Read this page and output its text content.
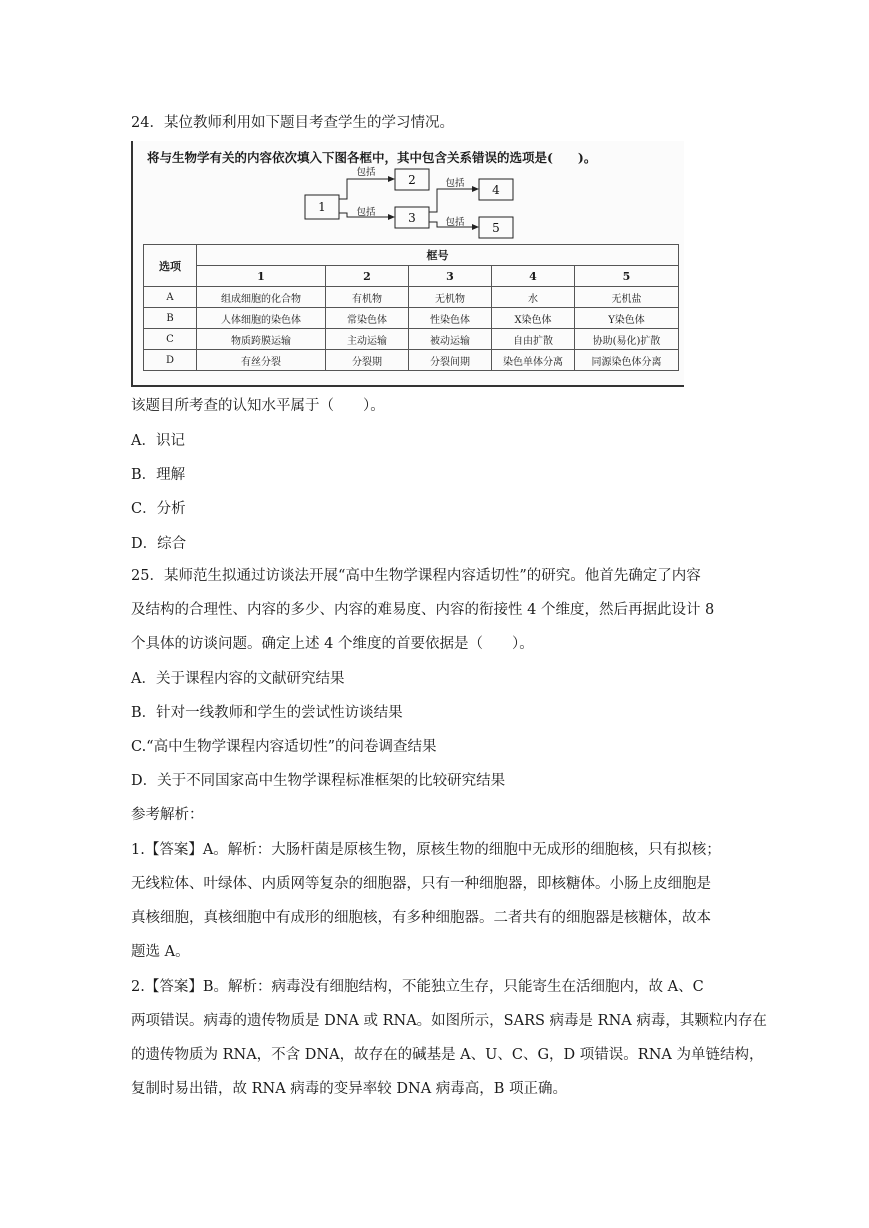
24．某位教师利用如下题目考查学生的学习情况。
将与生物学有关的内容依次填入下图各框中，其中包含关系错误的选项是(　　)。
1
2
3
4
5
包括
包括
包括
包括
选项	框号				
	1	2	3	4	5
A	组成细胞的化合物	有机物	无机物	水	无机盐
B	人体细胞的染色体	常染色体	性染色体	X染色体	Y染色体
C	物质跨膜运输	主动运输	被动运输	自由扩散	协助(易化)扩散
D	有丝分裂	分裂期	分裂间期	染色单体分离	同源染色体分离
该题目所考查的认知水平属于（　　）。
A．识记
B．理解
C．分析
D．综合
25．某师范生拟通过访谈法开展“高中生物学课程内容适切性”的研究。他首先确定了内容
及结构的合理性、内容的多少、内容的难易度、内容的衔接性 4 个维度，然后再据此设计 8
个具体的访谈问题。确定上述 4 个维度的首要依据是（　　）。
A．关于课程内容的文献研究结果
B．针对一线教师和学生的尝试性访谈结果
C.“高中生物学课程内容适切性”的问卷调查结果
D．关于不同国家高中生物学课程标准框架的比较研究结果
参考解析：
1.【答案】A。解析：大肠杆菌是原核生物，原核生物的细胞中无成形的细胞核，只有拟核；
无线粒体、叶绿体、内质网等复杂的细胞器，只有一种细胞器，即核糖体。小肠上皮细胞是
真核细胞，真核细胞中有成形的细胞核，有多种细胞器。二者共有的细胞器是核糖体，故本
题选 A。
2.【答案】B。解析：病毒没有细胞结构，不能独立生存，只能寄生在活细胞内，故 A、C
两项错误。病毒的遗传物质是 DNA 或 RNA。如图所示，SARS 病毒是 RNA 病毒，其颗粒内存在
的遗传物质为 RNA，不含 DNA，故存在的碱基是 A、U、C、G，D 项错误。RNA 为单链结构，
复制时易出错，故 RNA 病毒的变异率较 DNA 病毒高，B 项正确。
